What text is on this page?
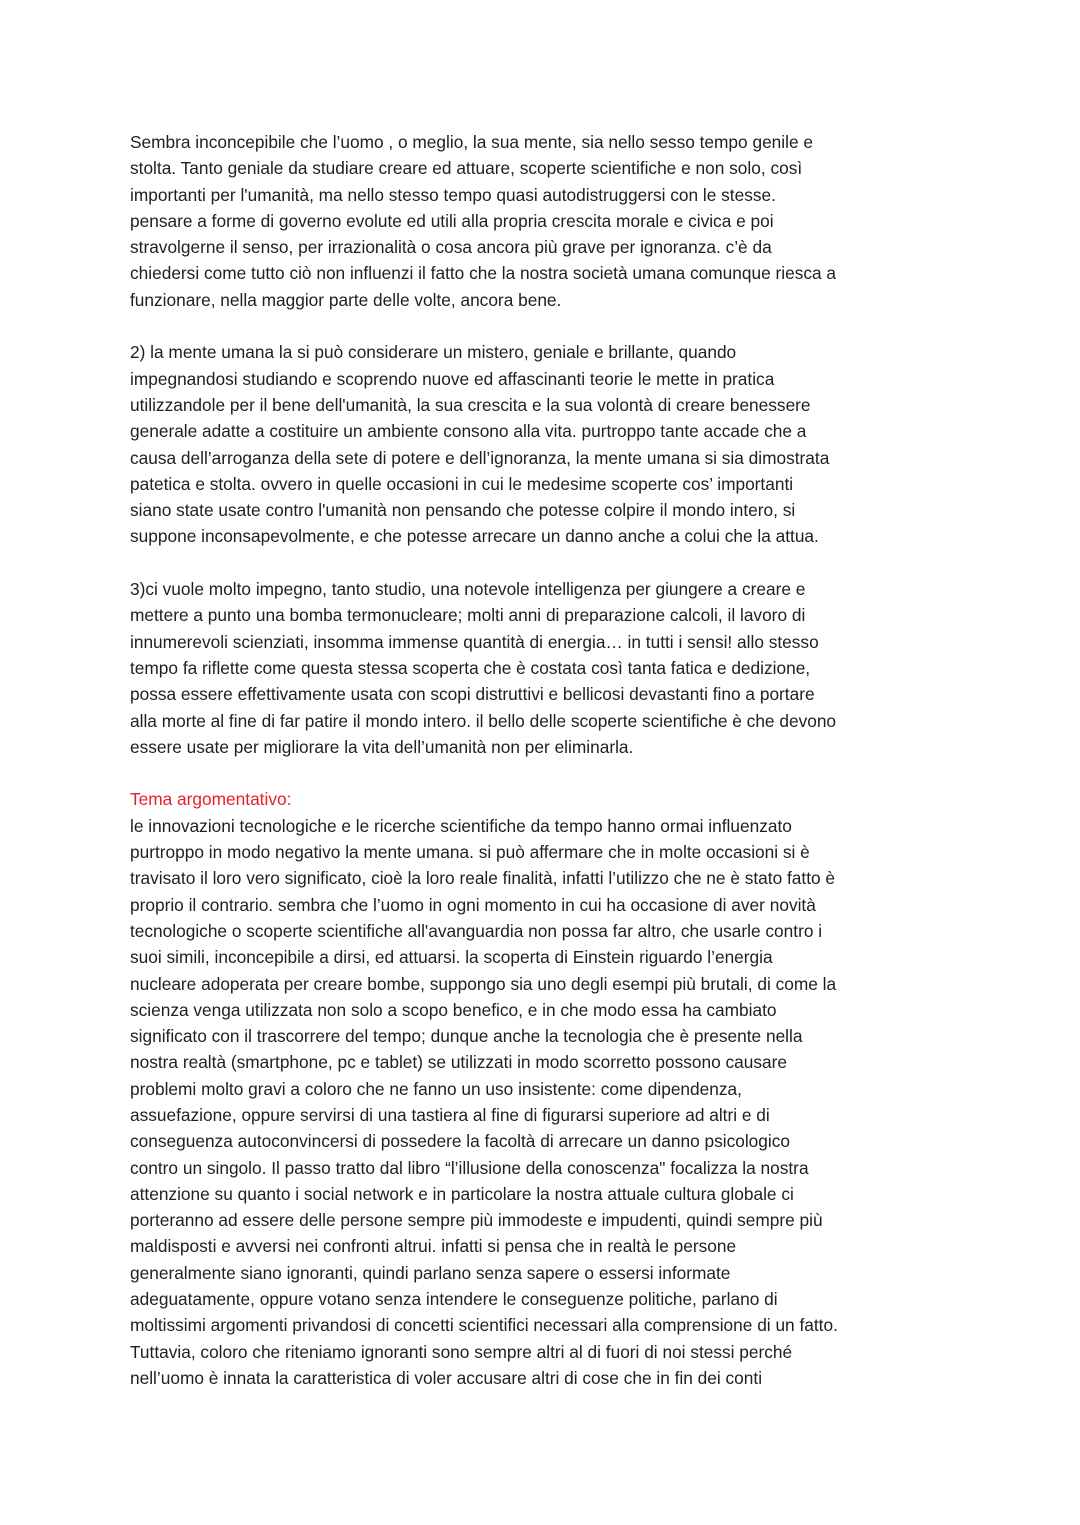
Sembra inconcepibile che l’uomo , o meglio, la sua mente, sia nello sesso tempo genile e
stolta. Tanto geniale da studiare creare ed attuare, scoperte scientifiche e non solo, così
importanti per l'umanità, ma nello stesso tempo quasi autodistruggersi con le stesse.
pensare a forme di governo evolute ed utili alla propria crescita morale e civica e poi
stravolgerne il senso, per irrazionalità o cosa ancora più grave per ignoranza. c’è da
chiedersi come tutto ciò non influenzi il fatto che la nostra società umana comunque riesca a
funzionare, nella maggior parte delle volte, ancora bene.
2) la mente umana la si può considerare un mistero, geniale e brillante, quando
impegnandosi studiando e scoprendo nuove ed affascinanti teorie le mette in pratica
utilizzandole per il bene dell'umanità, la sua crescita e la sua volontà di creare benessere
generale adatte a costituire un ambiente consono alla vita. purtroppo tante accade che a
causa dell’arroganza della sete di potere e dell’ignoranza, la mente umana si sia dimostrata
patetica e stolta. ovvero in quelle occasioni in cui le medesime scoperte cos’ importanti
siano state usate contro l'umanità non pensando che potesse colpire il mondo intero, si
suppone inconsapevolmente, e che potesse arrecare un danno anche a colui che la attua.
3)ci vuole molto impegno, tanto studio, una notevole intelligenza per giungere a creare e
mettere a punto una bomba termonucleare; molti anni di preparazione calcoli, il lavoro di
innumerevoli scienziati, insomma immense quantità di energia… in tutti i sensi! allo stesso
tempo fa riflette come questa stessa scoperta che è costata così tanta fatica e dedizione,
possa essere effettivamente usata con scopi distruttivi e bellicosi devastanti fino a portare
alla morte al fine di far patire il mondo intero. il bello delle scoperte scientifiche è che devono
essere usate per migliorare la vita dell’umanità non per eliminarla.
Tema argomentativo:
le innovazioni tecnologiche e le ricerche scientifiche da tempo hanno ormai influenzato
purtroppo in modo negativo la mente umana. si può affermare che in molte occasioni si è
travisato il loro vero significato, cioè la loro reale finalità, infatti l’utilizzo che ne è stato fatto è
proprio il contrario. sembra che l’uomo in ogni momento in cui ha occasione di aver novità
tecnologiche o scoperte scientifiche all'avanguardia non possa far altro, che usarle contro i
suoi simili, inconcepibile a dirsi, ed attuarsi. la scoperta di Einstein riguardo l’energia
nucleare adoperata per creare bombe, suppongo sia uno degli esempi più brutali, di come la
scienza venga utilizzata non solo a scopo benefico, e in che modo essa ha cambiato
significato con il trascorrere del tempo; dunque anche la tecnologia che è presente nella
nostra realtà (smartphone, pc e tablet) se utilizzati in modo scorretto possono causare
problemi molto gravi a coloro che ne fanno un uso insistente: come dipendenza,
assuefazione, oppure servirsi di una tastiera al fine di figurarsi superiore ad altri e di
conseguenza autoconvincersi di possedere la facoltà di arrecare un danno psicologico
contro un singolo. Il passo tratto dal libro “l’illusione della conoscenza" focalizza la nostra
attenzione su quanto i social network e in particolare la nostra attuale cultura globale ci
porteranno ad essere delle persone sempre più immodeste e impudenti, quindi sempre più
maldisposti e avversi nei confronti altrui. infatti si pensa che in realtà le persone
generalmente siano ignoranti, quindi parlano senza sapere o essersi informate
adeguatamente, oppure votano senza intendere le conseguenze politiche, parlano di
moltissimi argomenti privandosi di concetti scientifici necessari alla comprensione di un fatto.
Tuttavia, coloro che riteniamo ignoranti sono sempre altri al di fuori di noi stessi perché
nell’uomo è innata la caratteristica di voler accusare altri di cose che in fin dei conti
